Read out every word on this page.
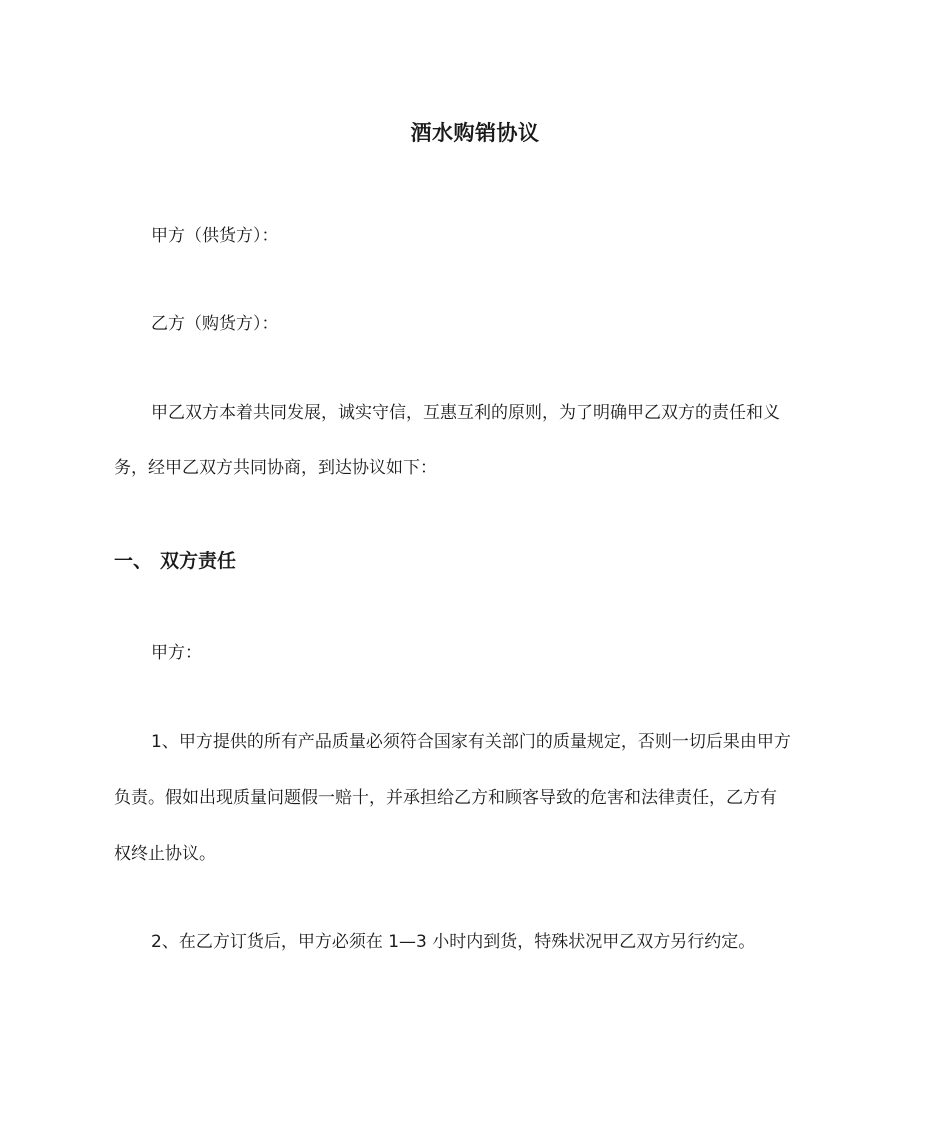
酒水购销协议

甲方（供货方）：

乙方（购货方）：

甲乙双方本着共同发展，诚实守信，互惠互利的原则，为了明确甲乙双方的责任和义

务，经甲乙双方共同协商，到达协议如下：

一、 双方责任

甲方：

1、甲方提供的所有产品质量必须符合国家有关部门的质量规定，否则一切后果由甲方

负责。假如出现质量问题假一赔十，并承担给乙方和顾客导致的危害和法律责任，乙方有

权终止协议。

2、在乙方订货后，甲方必须在 1—3 小时内到货，特殊状况甲乙双方另行约定。
